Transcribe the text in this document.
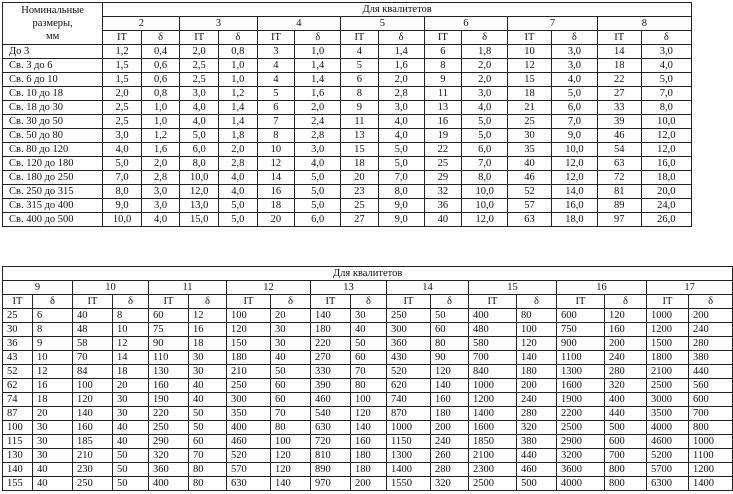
Номинальные
размеры,
мм	Для квалитетов													
	2		3		4		5		6		7		8	
	IT	δ	IT	δ	IT	δ	IT	δ	IT	δ	IT	δ	IT	δ
До 3	1,2	0,4	2,0	0,8	3	1,0	4	1,4	6	1,8	10	3,0	14	3,0
Св. 3 до 6	1,5	0,6	2,5	1,0	4	1,4	5	1,6	8	2,0	12	3,0	18	4,0
Св. 6 до 10	1,5	0,6	2,5	1,0	4	1,4	6	2,0	9	2,0	15	4,0	22	5,0
Св. 10 до 18	2,0	0,8	3,0	1,2	5	1,6	8	2,8	11	3,0	18	5,0	27	7,0
Св. 18 до 30	2,5	1,0	4,0	1,4	6	2,0	9	3,0	13	4,0	21	6,0	33	8,0
Св. 30 до 50	2,5	1,0	4,0	1,4	7	2,4	11	4,0	16	5,0	25	7,0	39	10,0
Св. 50 до 80	3,0	1,2	5,0	1,8	8	2,8	13	4,0	19	5,0	30	9,0	46	12,0
Св. 80 до 120	4,0	1,6	6,0	2,0	10	3,0	15	5,0	22	6,0	35	10,0	54	12,0
Св. 120 до 180	5,0	2,0	8,0	2,8	12	4,0	18	5,0	25	7,0	40	12,0	63	16,0
Св. 180 до 250	7,0	2,8	10,0	4,0	14	5,0	20	7,0	29	8,0	46	12,0	72	18,0
Св. 250 до 315	8,0	3,0	12,0	4,0	16	5,0	23	8,0	32	10,0	52	14,0	81	20,0
Св. 315 до 400	9,0	3,0	13,0	5,0	18	5,0	25	9,0	36	10,0	57	16,0	89	24,0
Св. 400 до 500	10,0	4,0	15,0	5,0	20	6,0	27	9,0	40	12,0	63	18,0	97	26,0
Для квалитетов																	
9		10		11		12		13		14		15		16		17	
IT	δ	IT	δ	IT	δ	IT	δ	IT	δ	IT	δ	IT	δ	IT	δ	IT	δ
25	6	40	8	60	12	100	20	140	30	250	50	400	80	600	120	1000	200
30	8	48	10	75	16	120	30	180	40	300	60	480	100	750	160	1200	240
36	9	58	12	90	18	150	30	220	50	360	80	580	120	900	200	1500	280
43	10	70	14	110	30	180	40	270	60	430	90	700	140	1100	240	1800	380
52	12	84	18	130	30	210	50	330	70	520	120	840	180	1300	280	2100	440
62	16	100	20	160	40	250	60	390	80	620	140	1000	200	1600	320	2500	560
74	18	120	30	190	40	300	60	460	100	740	160	1200	240	1900	400	3000	600
87	20	140	30	220	50	350	70	540	120	870	180	1400	280	2200	440	3500	700
100	30	160	40	250	50	400	80	630	140	1000	200	1600	320	2500	500	4000	800
115	30	185	40	290	60	460	100	720	160	1150	240	1850	380	2900	600	4600	1000
130	30	210	50	320	70	520	120	810	180	1300	260	2100	440	3200	700	5200	1100
140	40	230	50	360	80	570	120	890	180	1400	280	2300	460	3600	800	5700	1200
155	40	250	50	400	80	630	140	970	200	1550	320	2500	500	4000	800	6300	1400
